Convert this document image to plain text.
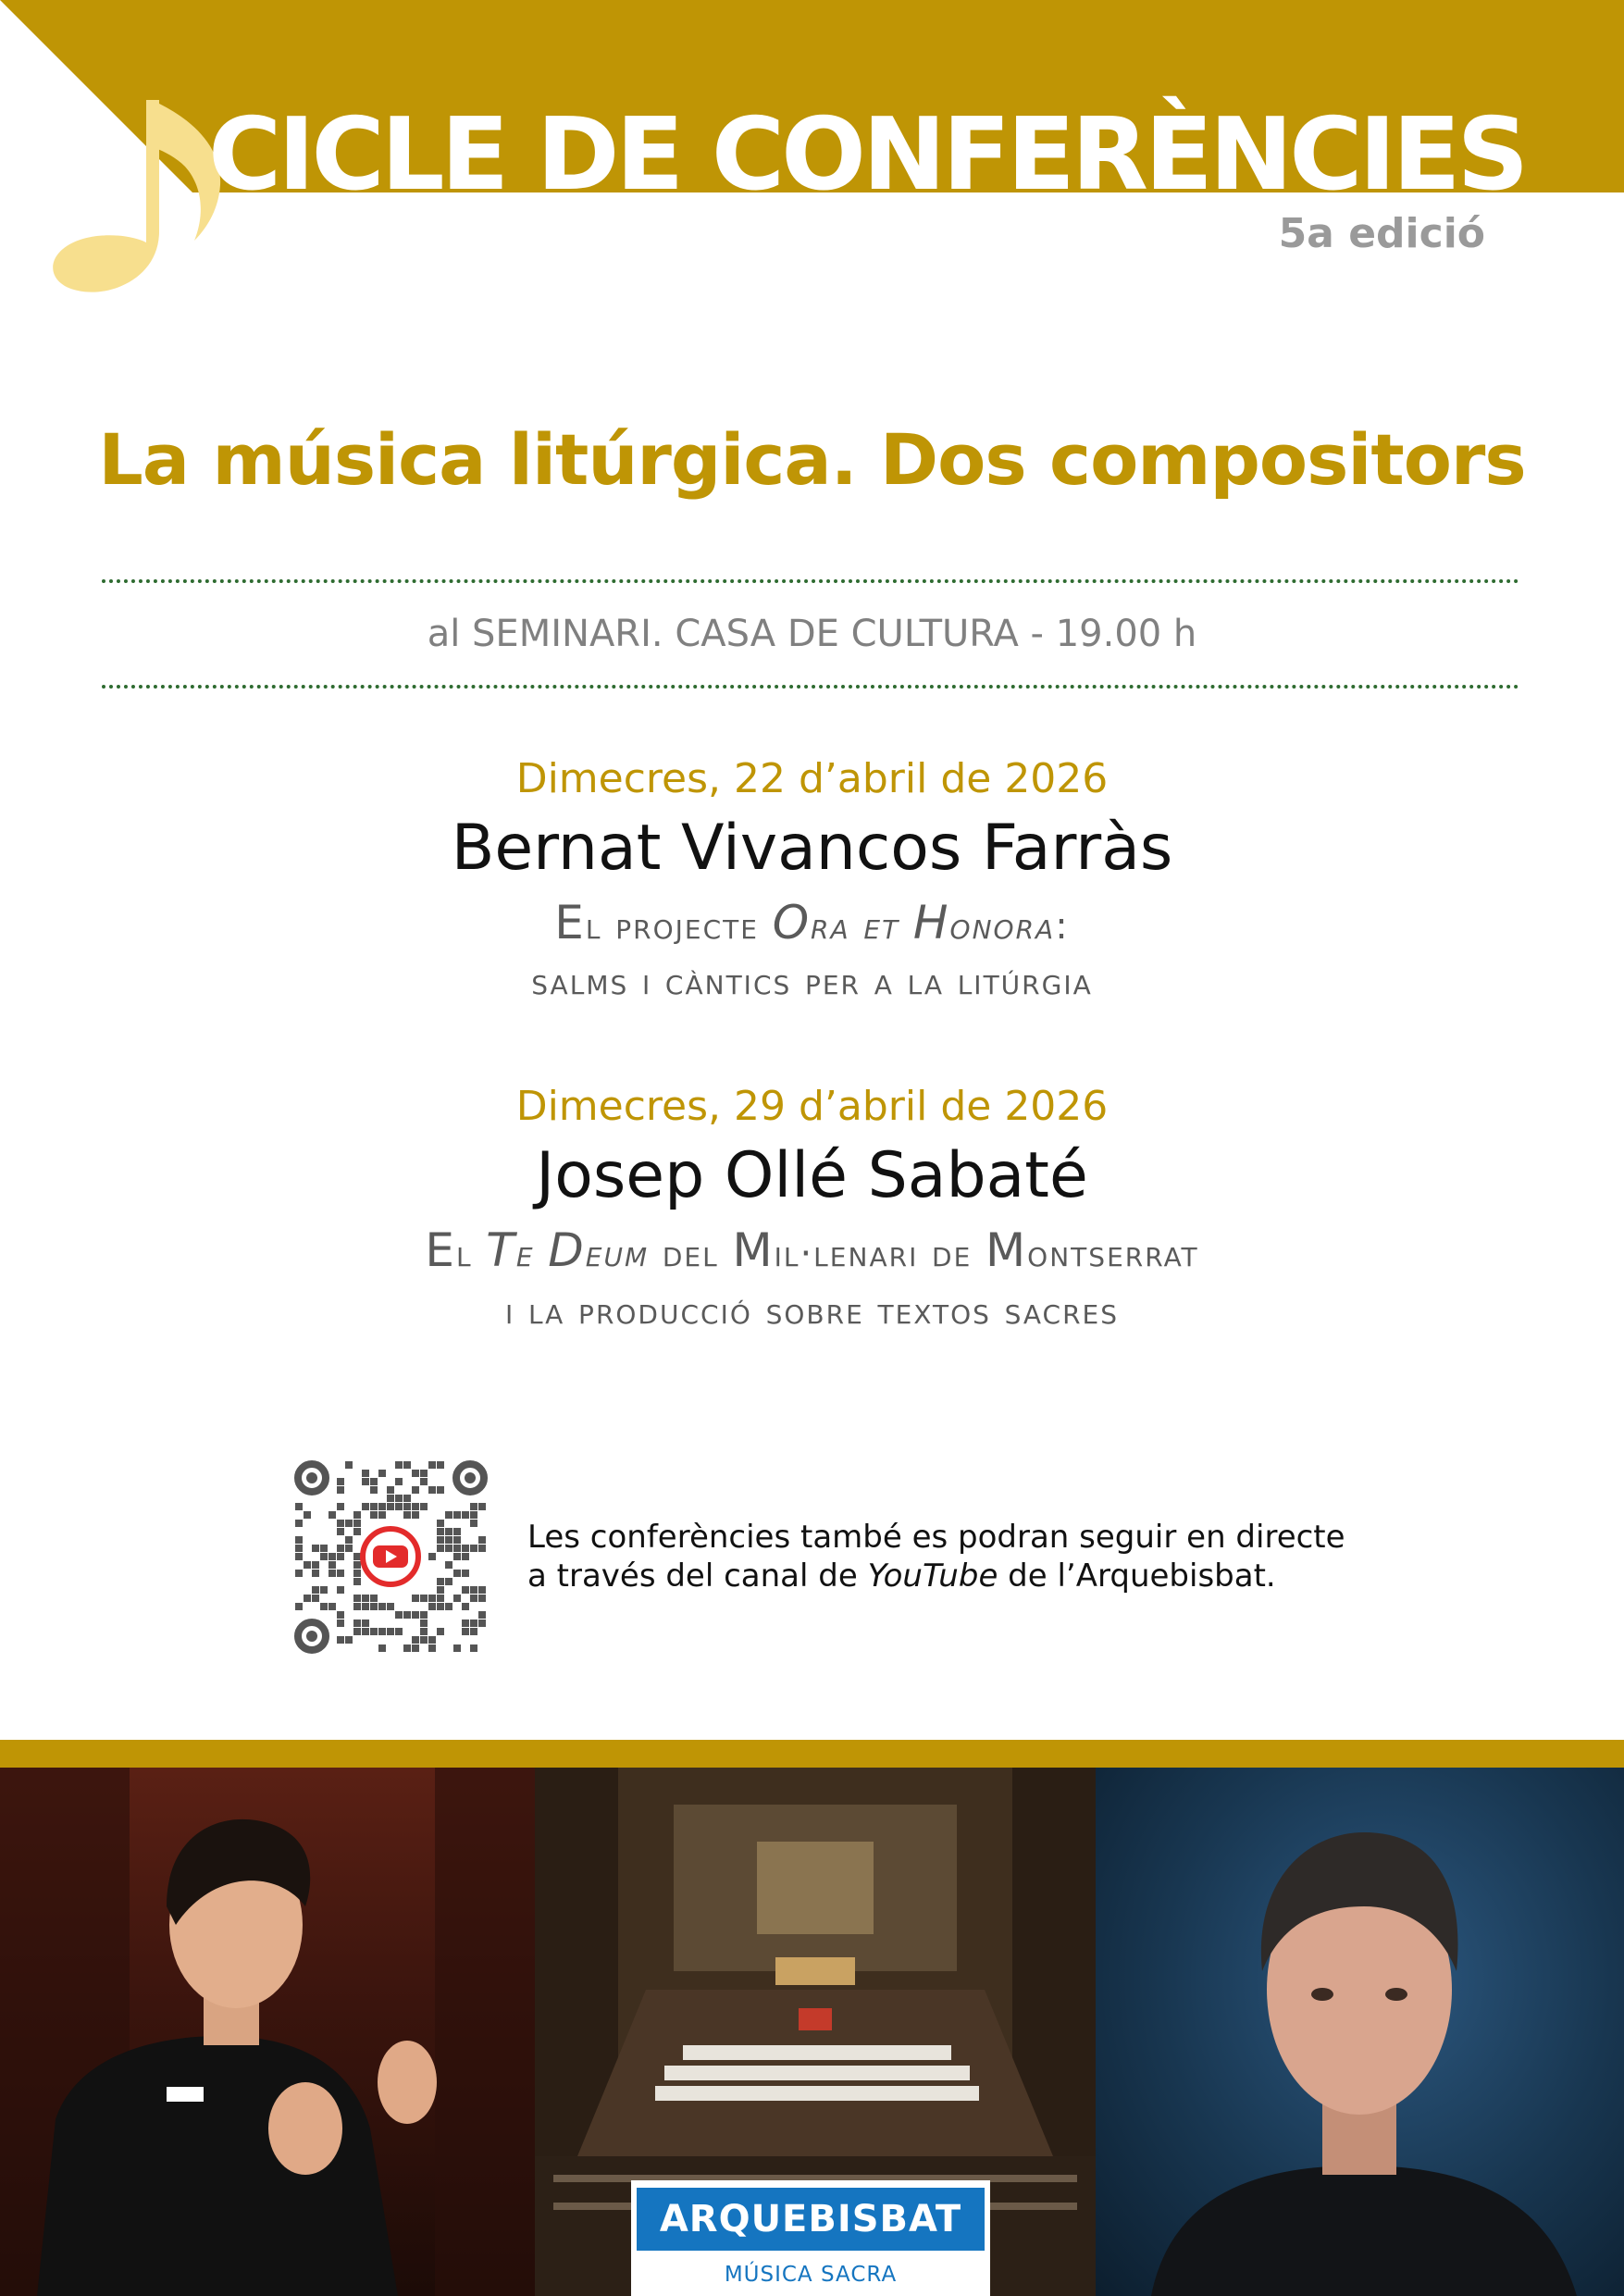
CICLE DE CONFERÈNCIES
5a edició
La música litúrgica. Dos compositors
al SEMINARI. CASA DE CULTURA - 19.00 h
Dimecres, 22 d’abril de 2026
Bernat Vivancos Farràs
El projecte Ora et Honora:
salms i càntics per a la litúrgia
Dimecres, 29 d’abril de 2026
Josep Ollé Sabaté
El Te Deum del Mil·lenari de Montserrat
i la producció sobre textos sacres
Les conferències també es podran seguir en directe
a través del canal de YouTube de l’Arquebisbat.
ARQUEBISBAT
MÚSICA SACRA
